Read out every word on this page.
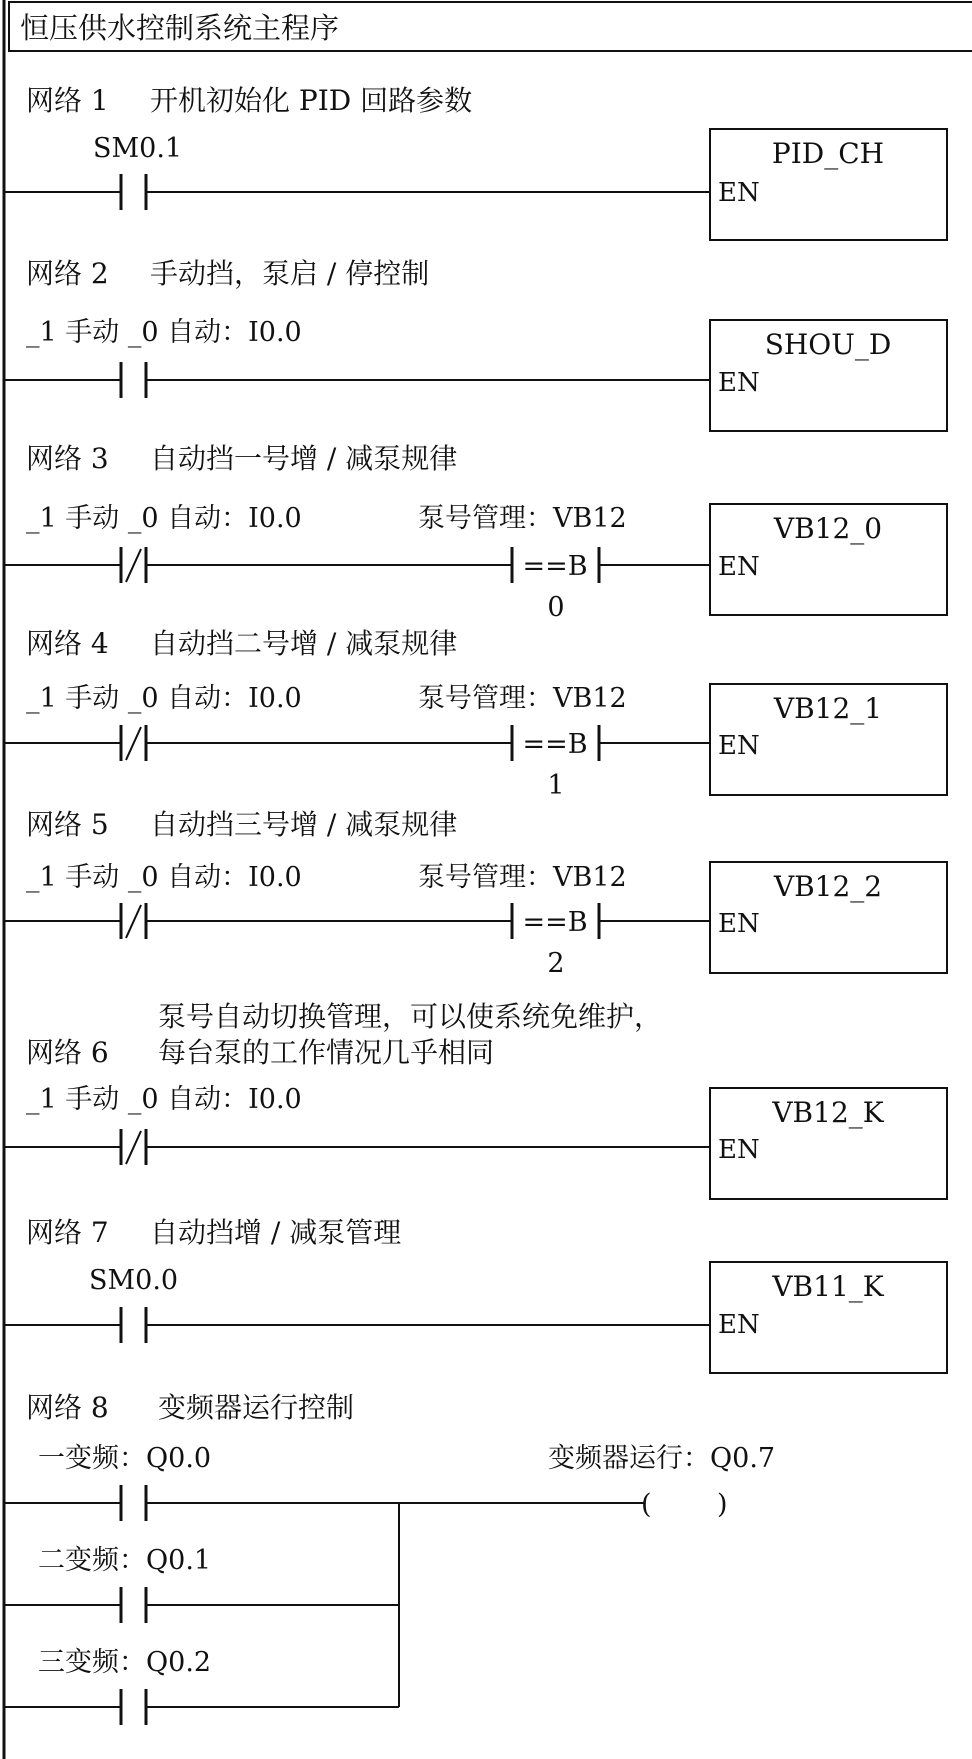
恒压供水控制系统主程序
网络 1 开机初始化 PID 回路参数
SM0.1	PID_CH
EN
网络 2 手动挡，泵启 / 停控制
_1 手动 _0 自动：I0.0	SHOU_D
EN
网络 3 自动挡一号增 / 减泵规律
_1 手动 _0 自动：I0.0	泵号管理：VB12
==B
0
VB12_0
EN
网络 4 自动挡二号增 / 减泵规律
_1 手动 _0 自动：I0.0	泵号管理：VB12
==B
1
VB12_1
EN
网络 5 自动挡三号增 / 减泵规律
_1 手动 _0 自动：I0.0	泵号管理：VB12
==B
2
VB12_2
EN
泵号自动切换管理，可以使系统免维护，
网络 6 每台泵的工作情况几乎相同
_1 手动 _0 自动：I0.0	VB12_K
EN
网络 7 自动挡增 / 减泵管理
SM0.0	VB11_K
EN
网络 8 变频器运行控制
一变频：Q0.0	变频器运行：Q0.7
( )
二变频：Q0.1
三变频：Q0.2
